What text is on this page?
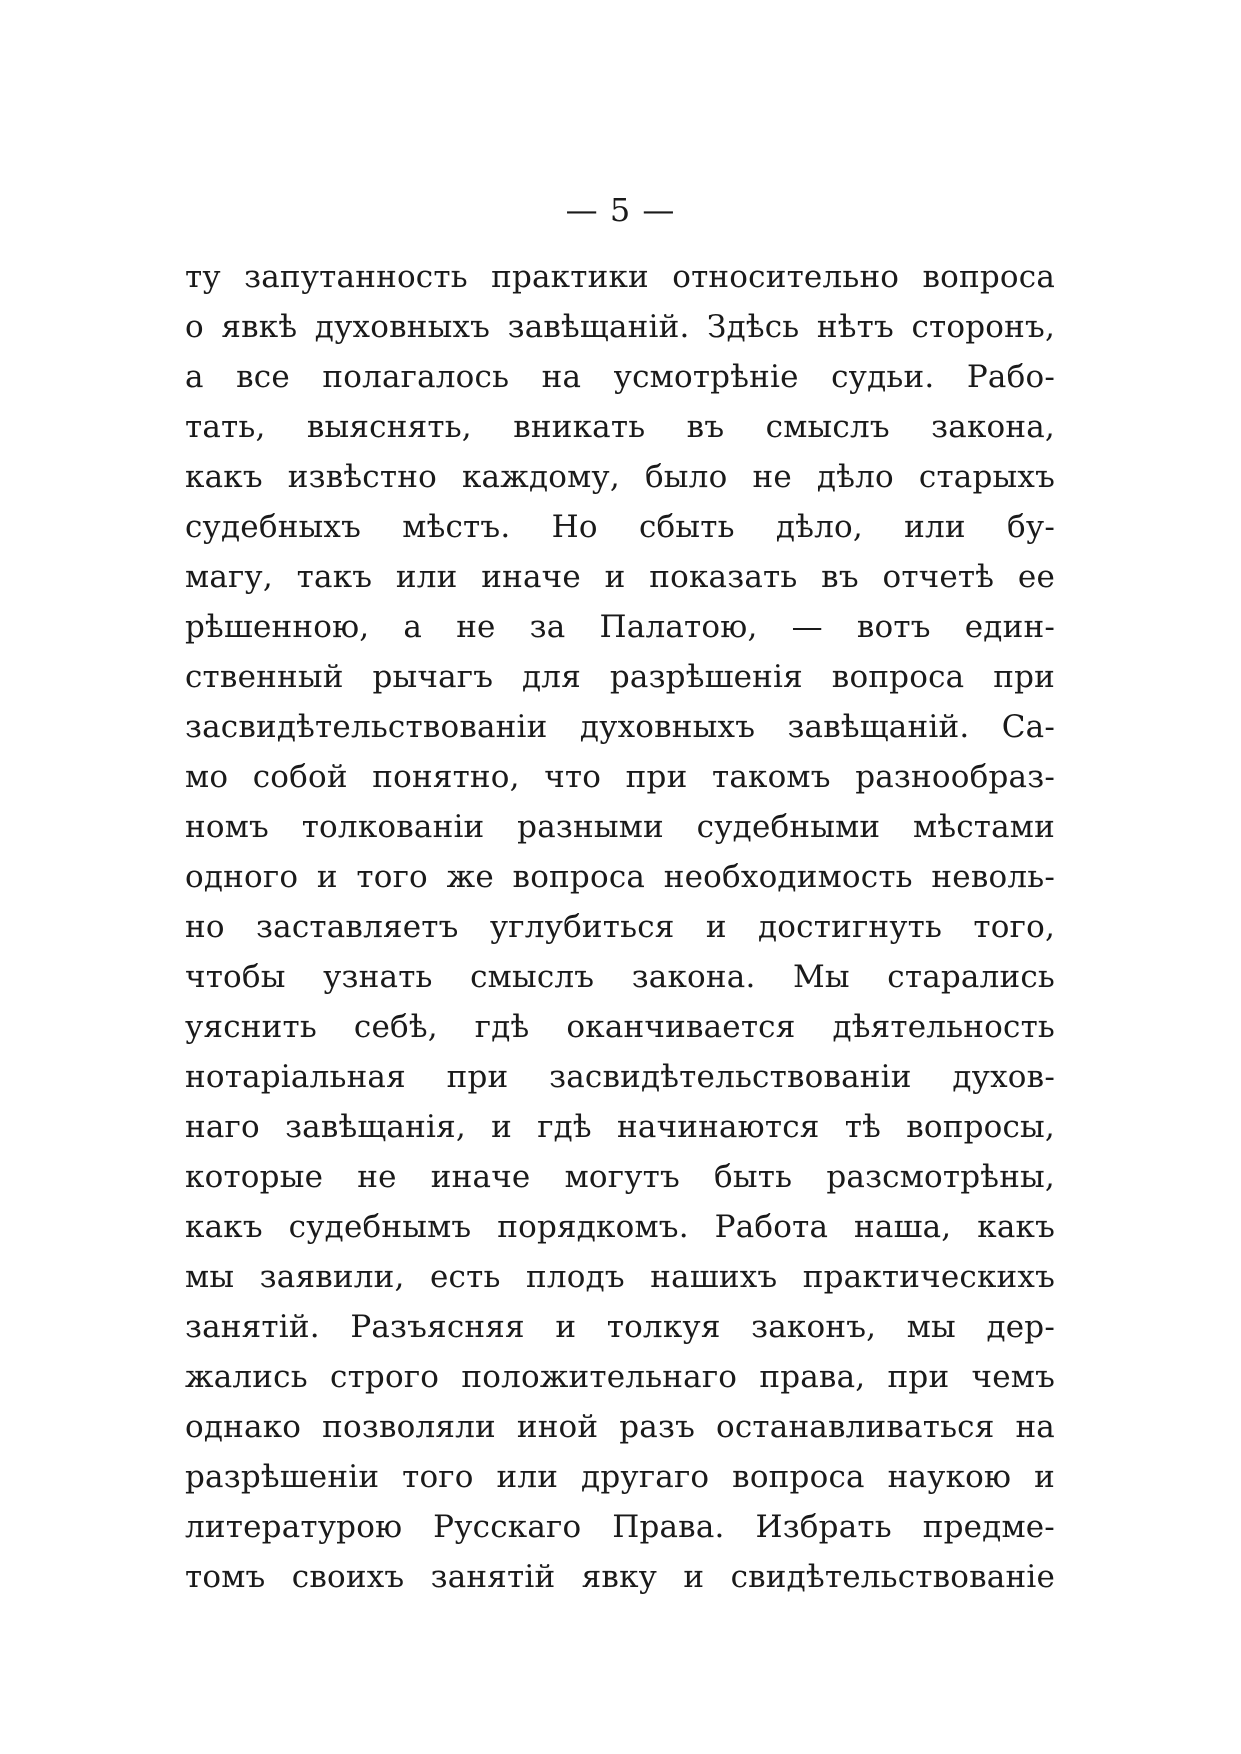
— 5 —
ту запутанность практики относительно вопроса
о явкѣ духовныхъ завѣщаній. Здѣсь нѣтъ сторонъ,
а все полагалось на усмотрѣніе судьи. Рабо-
тать, выяснять, вникать въ смыслъ закона,
какъ извѣстно каждому, было не дѣло старыхъ
судебныхъ мѣстъ. Но сбыть дѣло, или бу-
магу, такъ или иначе и показать въ отчетѣ ее
рѣшенною, а не за Палатою, — вотъ един-
ственный рычагъ для разрѣшенія вопроса при
засвидѣтельствованіи духовныхъ завѣщаній. Са-
мо собой понятно, что при такомъ разнообраз-
номъ толкованіи разными судебными мѣстами
одного и того же вопроса необходимость неволь-
но заставляетъ углубиться и достигнуть того,
чтобы узнать смыслъ закона. Мы старались
уяснить себѣ, гдѣ оканчивается дѣятельность
нотаріальная при засвидѣтельствованіи духов-
наго завѣщанія, и гдѣ начинаются тѣ вопросы,
которые не иначе могутъ быть разсмотрѣны,
какъ судебнымъ порядкомъ. Работа наша, какъ
мы заявили, есть плодъ нашихъ практическихъ
занятій. Разъясняя и толкуя законъ, мы дер-
жались строго положительнаго права, при чемъ
однако позволяли иной разъ останавливаться на
разрѣшеніи того или другаго вопроса наукою и
литературою Русскаго Права. Избрать предме-
томъ своихъ занятій явку и свидѣтельствованіе
